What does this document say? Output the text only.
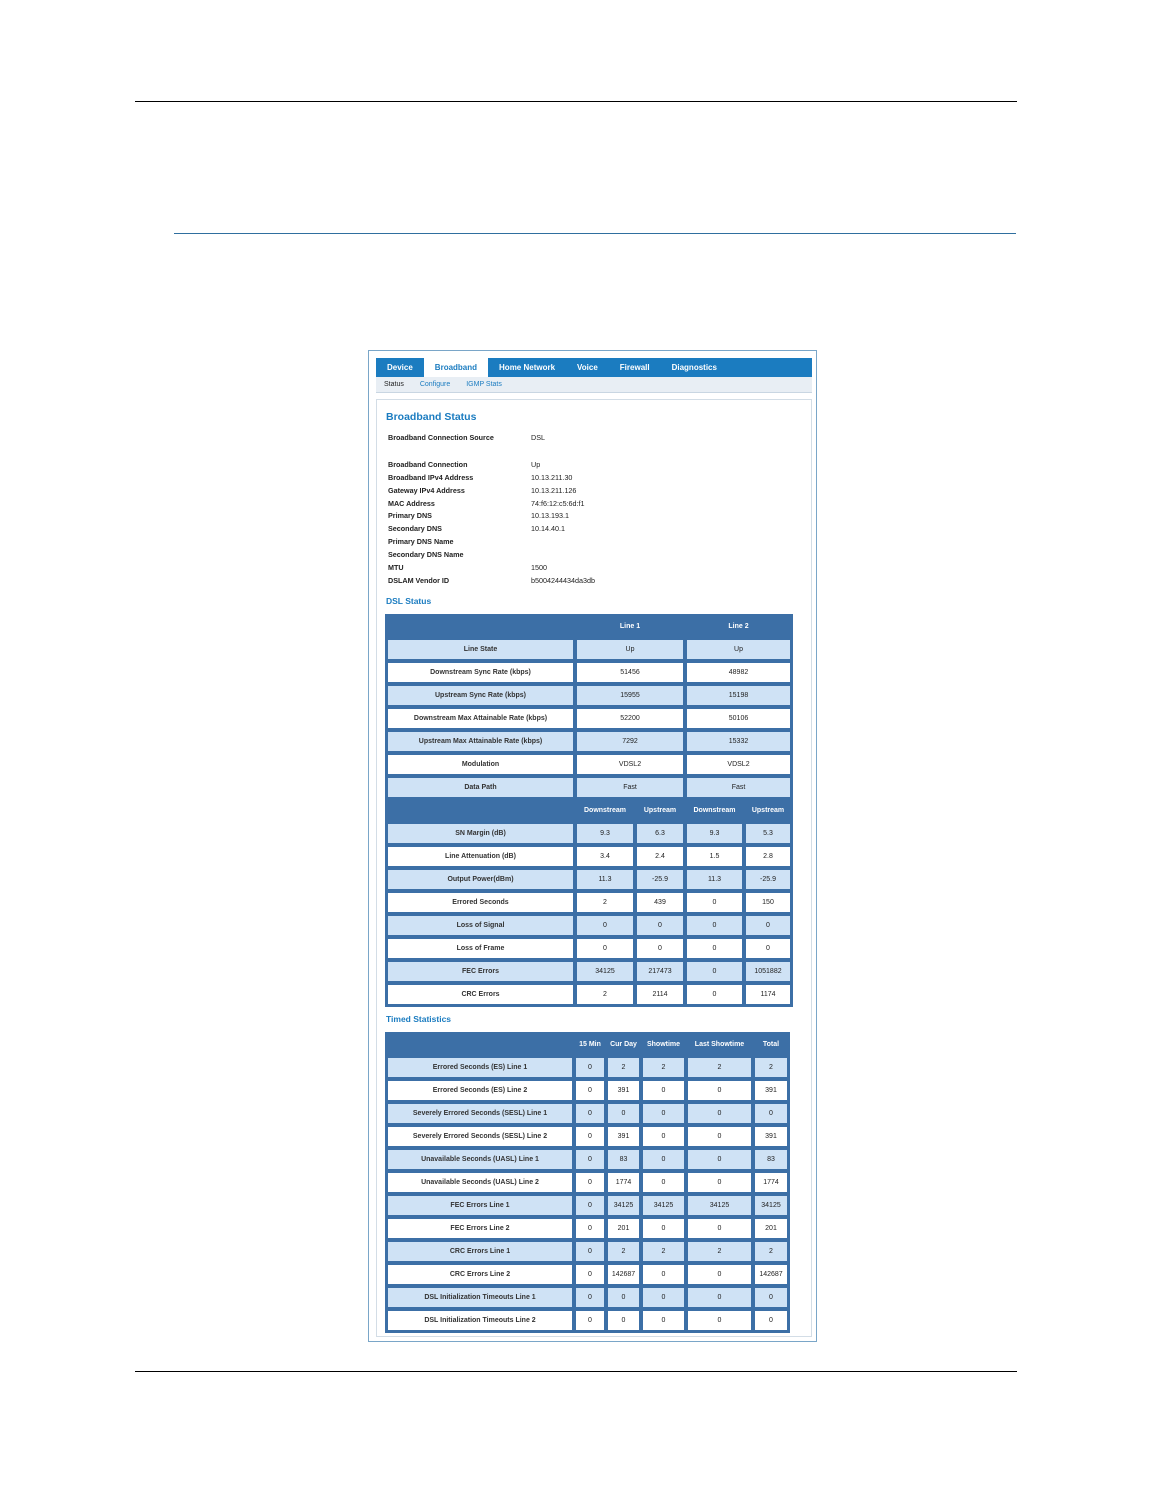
Device	Broadband	Home Network	Voice	Firewall	Diagnostics
Status	Configure	IGMP Stats
Broadband Status
Broadband Connection Source	DSL
Broadband Connection	Up
Broadband IPv4 Address	10.13.211.30
Gateway IPv4 Address	10.13.211.126
MAC Address	74:f6:12:c5:6d:f1
Primary DNS	10.13.193.1
Secondary DNS	10.14.40.1
Primary DNS Name
Secondary DNS Name
MTU	1500
DSLAM Vendor ID	b5004244434da3db
DSL Status
	Line 1		Line 2	
Line State	Up		Up	
Downstream Sync Rate (kbps)	51456		48982	
Upstream Sync Rate (kbps)	15955		15198	
Downstream Max Attainable Rate (kbps)	52200		50106	
Upstream Max Attainable Rate (kbps)	7292		15332	
Modulation	VDSL2		VDSL2	
Data Path	Fast		Fast	
	Downstream	Upstream	Downstream	Upstream
SN Margin (dB)	9.3	6.3	9.3	5.3
Line Attenuation (dB)	3.4	2.4	1.5	2.8
Output Power(dBm)	11.3	-25.9	11.3	-25.9
Errored Seconds	2	439	0	150
Loss of Signal	0	0	0	0
Loss of Frame	0	0	0	0
FEC Errors	34125	217473	0	1051882
CRC Errors	2	2114	0	1174
Timed Statistics
	15 Min	Cur Day	Showtime	Last Showtime	Total
Errored Seconds (ES) Line 1	0	2	2	2	2
Errored Seconds (ES) Line 2	0	391	0	0	391
Severely Errored Seconds (SESL) Line 1	0	0	0	0	0
Severely Errored Seconds (SESL) Line 2	0	391	0	0	391
Unavailable Seconds (UASL) Line 1	0	83	0	0	83
Unavailable Seconds (UASL) Line 2	0	1774	0	0	1774
FEC Errors Line 1	0	34125	34125	34125	34125
FEC Errors Line 2	0	201	0	0	201
CRC Errors Line 1	0	2	2	2	2
CRC Errors Line 2	0	142687	0	0	142687
DSL Initialization Timeouts Line 1	0	0	0	0	0
DSL Initialization Timeouts Line 2	0	0	0	0	0
